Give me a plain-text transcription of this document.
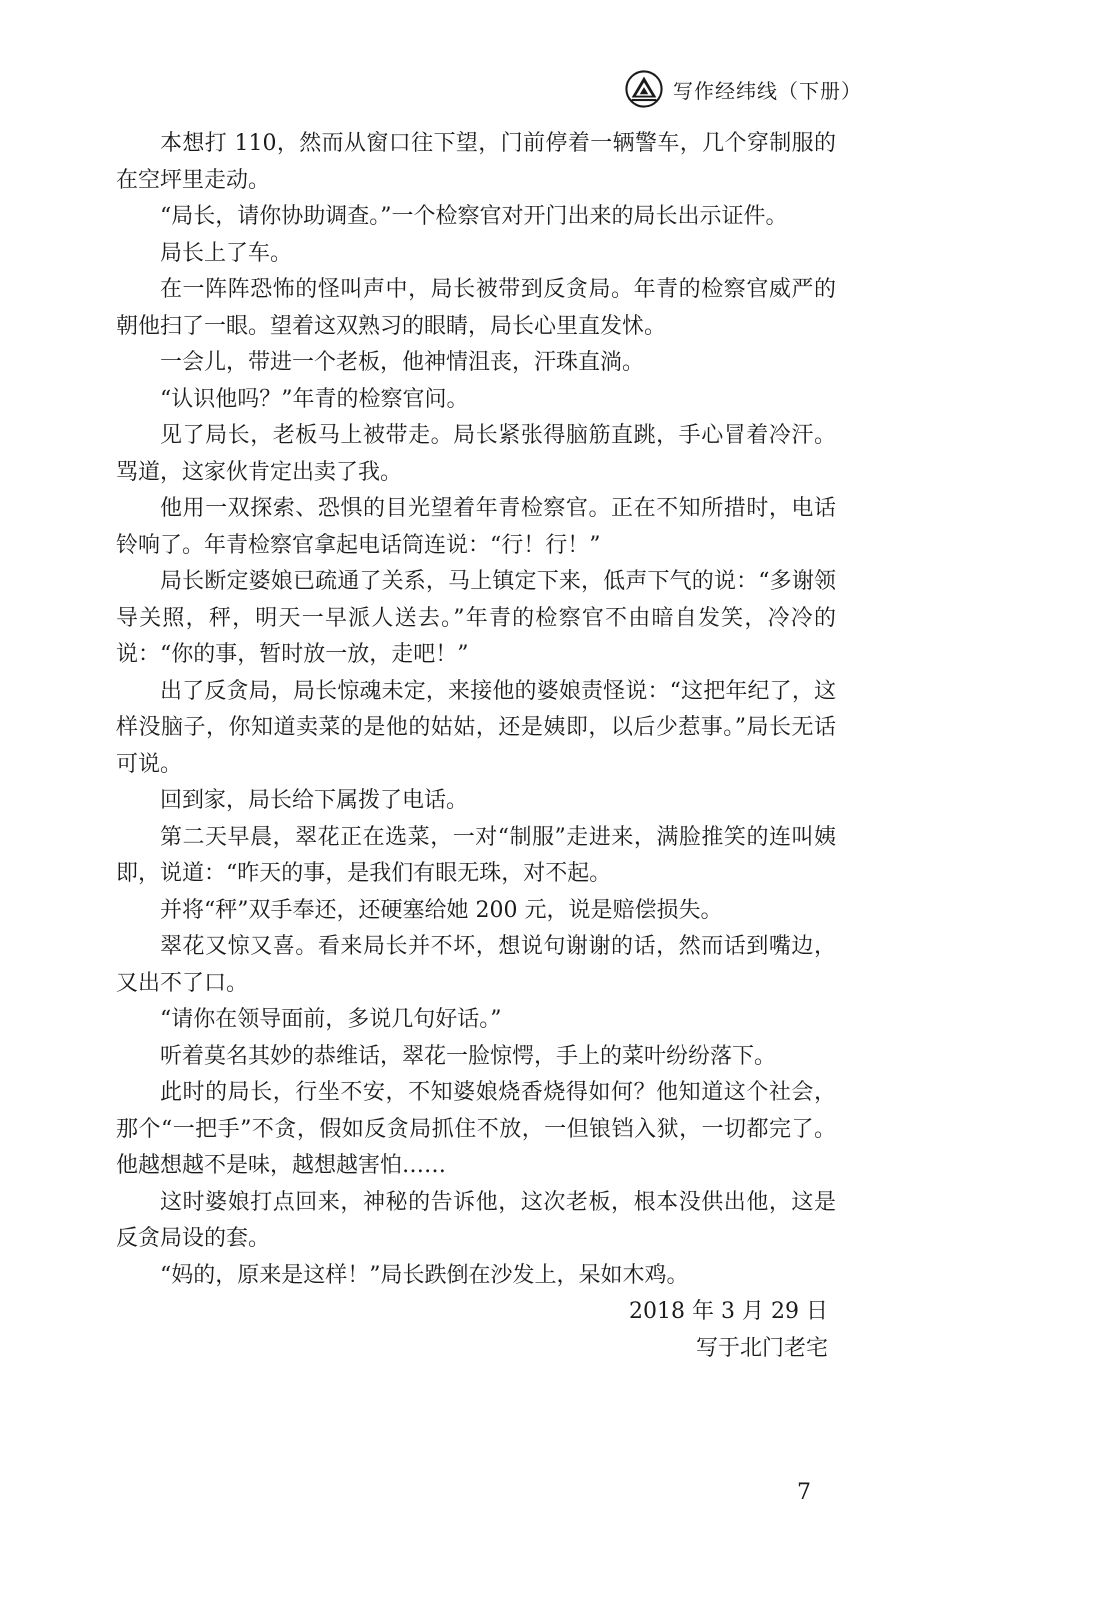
写作经纬线（下册）

本想打 110，然而从窗口往下望，门前停着一辆警车，几个穿制服的在空坪里走动。

“局长，请你协助调查。”一个检察官对开门出来的局长出示证件。

局长上了车。

在一阵阵恐怖的怪叫声中，局长被带到反贪局。年青的检察官威严的朝他扫了一眼。望着这双熟习的眼睛，局长心里直发怵。

一会儿，带进一个老板，他神情沮丧，汗珠直淌。

“认识他吗？”年青的检察官问。

见了局长，老板马上被带走。局长紧张得脑筋直跳，手心冒着冷汗。骂道，这家伙肯定出卖了我。

他用一双探索、恐惧的目光望着年青检察官。正在不知所措时，电话铃响了。年青检察官拿起电话筒连说：“行！行！”

局长断定婆娘已疏通了关系，马上镇定下来，低声下气的说：“多谢领导关照，秤，明天一早派人送去。”年青的检察官不由暗自发笑，冷冷的说：“你的事，暂时放一放，走吧！”

出了反贪局，局长惊魂未定，来接他的婆娘责怪说：“这把年纪了，这样没脑子，你知道卖菜的是他的姑姑，还是姨即，以后少惹事。”局长无话可说。

回到家，局长给下属拨了电话。

第二天早晨，翠花正在选菜，一对“制服”走进来，满脸推笑的连叫姨即，说道：“昨天的事，是我们有眼无珠，对不起。

并将“秤”双手奉还，还硬塞给她 200 元，说是赔偿损失。

翠花又惊又喜。看来局长并不坏，想说句谢谢的话，然而话到嘴边，又出不了口。

“请你在领导面前，多说几句好话。”

听着莫名其妙的恭维话，翠花一脸惊愕，手上的菜叶纷纷落下。

此时的局长，行坐不安，不知婆娘烧香烧得如何？他知道这个社会，那个“一把手”不贪，假如反贪局抓住不放，一但锒铛入狱，一切都完了。他越想越不是味，越想越害怕……

这时婆娘打点回来，神秘的告诉他，这次老板，根本没供出他，这是反贪局设的套。

“妈的，原来是这样！”局长跌倒在沙发上，呆如木鸡。

2018 年 3 月 29 日

写于北门老宅

7
